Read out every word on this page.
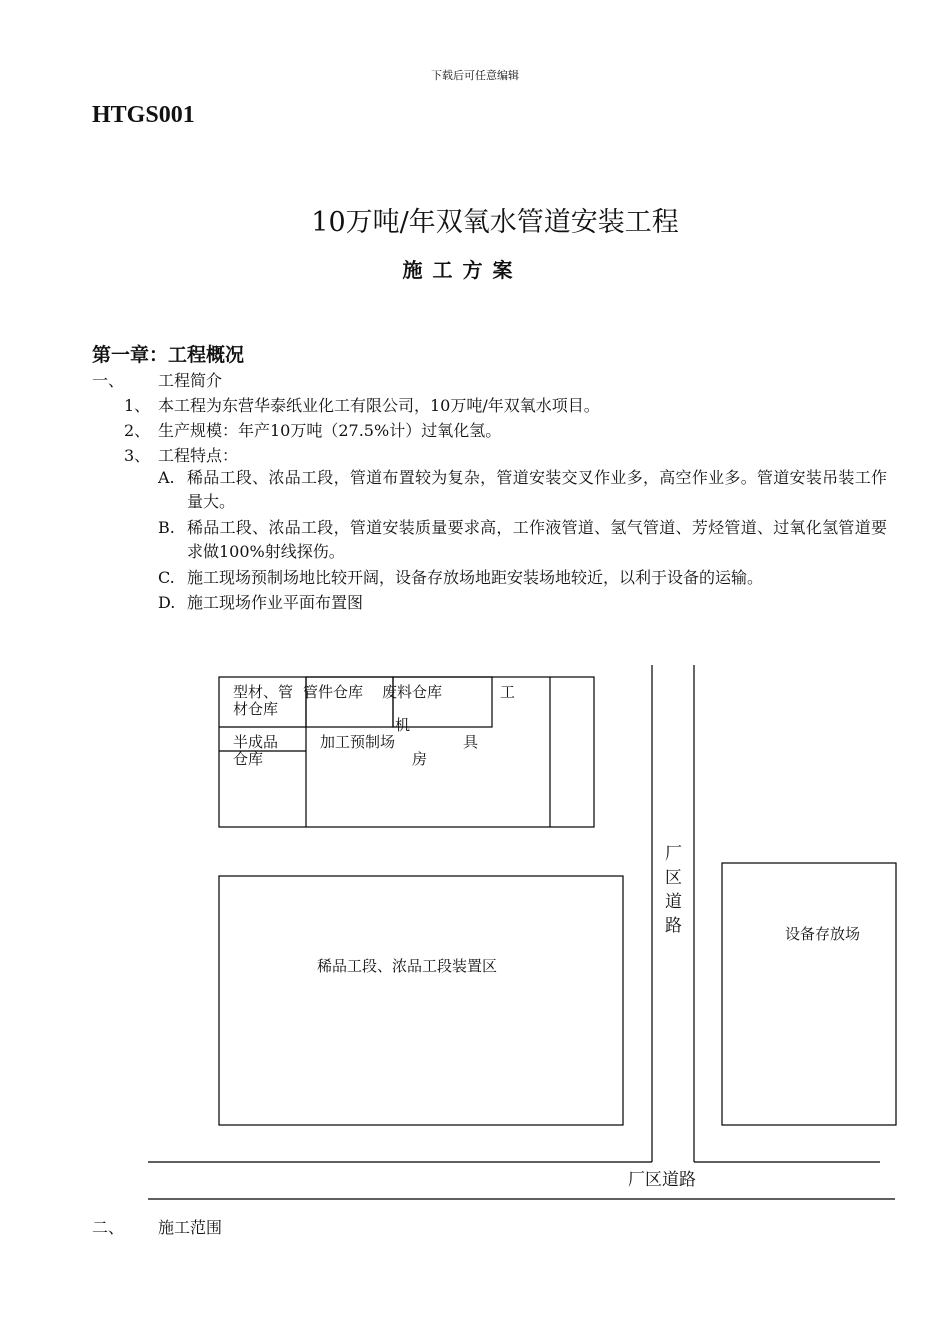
下载后可任意编辑
HTGS001
10万吨/年双氧水管道安装工程
施工方案
第一章：工程概况
一、 工程简介
1、 本工程为东营华泰纸业化工有限公司，10万吨/年双氧水项目。
2、 生产规模：年产10万吨（27.5%计）过氧化氢。
3、 工程特点：
A. 稀品工段、浓品工段，管道布置较为复杂，管道安装交叉作业多，高空作业多。管道安装吊装工作量大。
B. 稀品工段、浓品工段，管道安装质量要求高，工作液管道、氢气管道、芳烃管道、过氧化氢管道要求做100%射线探伤。
C. 施工现场预制场地比较开阔，设备存放场地距安装场地较近，以利于设备的运输。
D. 施工现场作业平面布置图
型材、管
材仓库
管件仓库 废料仓库	工
机
具
房
半成品
仓库
加工预制场
厂
区
道
路	设备存放场
稀品工段、浓品工段装置区
厂区道路
二、 施工范围
